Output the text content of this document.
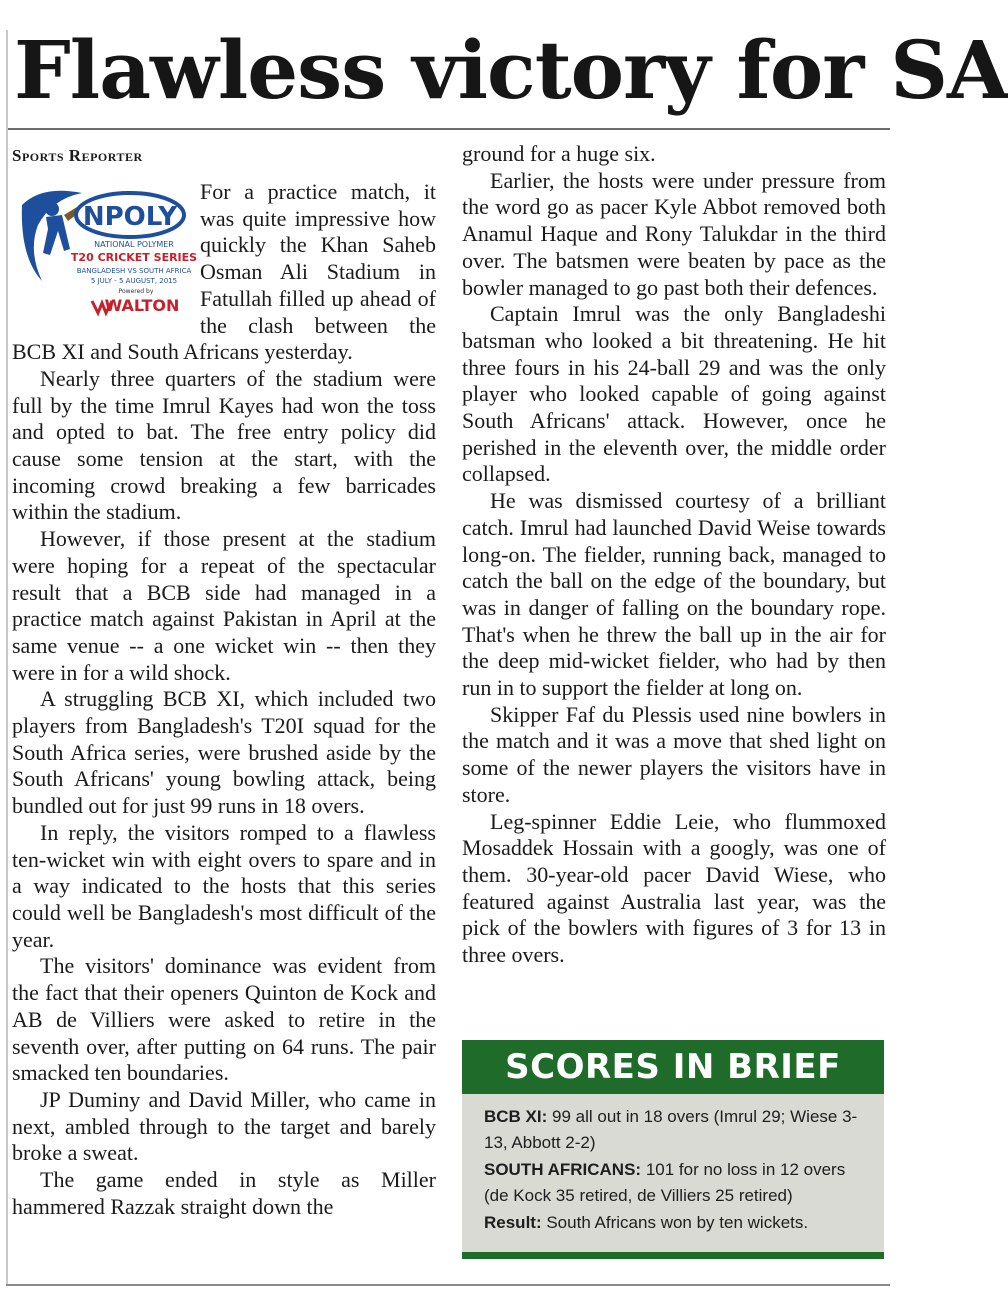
Flawless victory for SA
Sports Reporter
NPOLY
NATIONAL POLYMER
T20 CRICKET SERIES
BANGLADESH VS SOUTH AFRICA
5 JULY - 5 AUGUST, 2015
Powered by
WALTON

For a practice match, it was quite impressive how quickly the Khan Saheb Osman Ali Stadium in Fatullah filled up ahead of the clash between the BCB XI and South Africans yesterday.

Nearly three quarters of the stadium were full by the time Imrul Kayes had won the toss and opted to bat. The free entry policy did cause some tension at the start, with the incoming crowd breaking a few barricades within the stadium.

However, if those present at the stadium were hoping for a repeat of the spectacular result that a BCB side had managed in a practice match against Pakistan in April at the same venue -- a one wicket win -- then they were in for a wild shock.

A struggling BCB XI, which included two players from Bangladesh's T20I squad for the South Africa series, were brushed aside by the South Africans' young bowling attack, being bundled out for just 99 runs in 18 overs.

In reply, the visitors romped to a flawless ten-wicket win with eight overs to spare and in a way indicated to the hosts that this series could well be Bangladesh's most difficult of the year.

The visitors' dominance was evident from the fact that their openers Quinton de Kock and AB de Villiers were asked to retire in the seventh over, after putting on 64 runs. The pair smacked ten boundaries.

JP Duminy and David Miller, who came in next, ambled through to the target and barely broke a sweat.

The game ended in style as Miller hammered Razzak straight down the

ground for a huge six.

Earlier, the hosts were under pressure from the word go as pacer Kyle Abbot removed both Anamul Haque and Rony Talukdar in the third over. The batsmen were beaten by pace as the bowler managed to go past both their defences.

Captain Imrul was the only Bangladeshi batsman who looked a bit threatening. He hit three fours in his 24-ball 29 and was the only player who looked capable of going against South Africans' attack. However, once he perished in the eleventh over, the middle order collapsed.

He was dismissed courtesy of a brilliant catch. Imrul had launched David Weise towards long-on. The fielder, running back, managed to catch the ball on the edge of the boundary, but was in danger of falling on the boundary rope. That's when he threw the ball up in the air for the deep mid-wicket fielder, who had by then run in to support the fielder at long on.

Skipper Faf du Plessis used nine bowlers in the match and it was a move that shed light on some of the newer players the visitors have in store.

Leg-spinner Eddie Leie, who flummoxed Mosaddek Hossain with a googly, was one of them. 30-year-old pacer David Wiese, who featured against Australia last year, was the pick of the bowlers with figures of 3 for 13 in three overs.

SCORES IN BRIEF

BCB XI: 99 all out in 18 overs (Imrul 29; Wiese 3-13, Abbott 2-2)

SOUTH AFRICANS: 101 for no loss in 12 overs (de Kock 35 retired, de Villiers 25 retired)

Result: South Africans won by ten wickets.
